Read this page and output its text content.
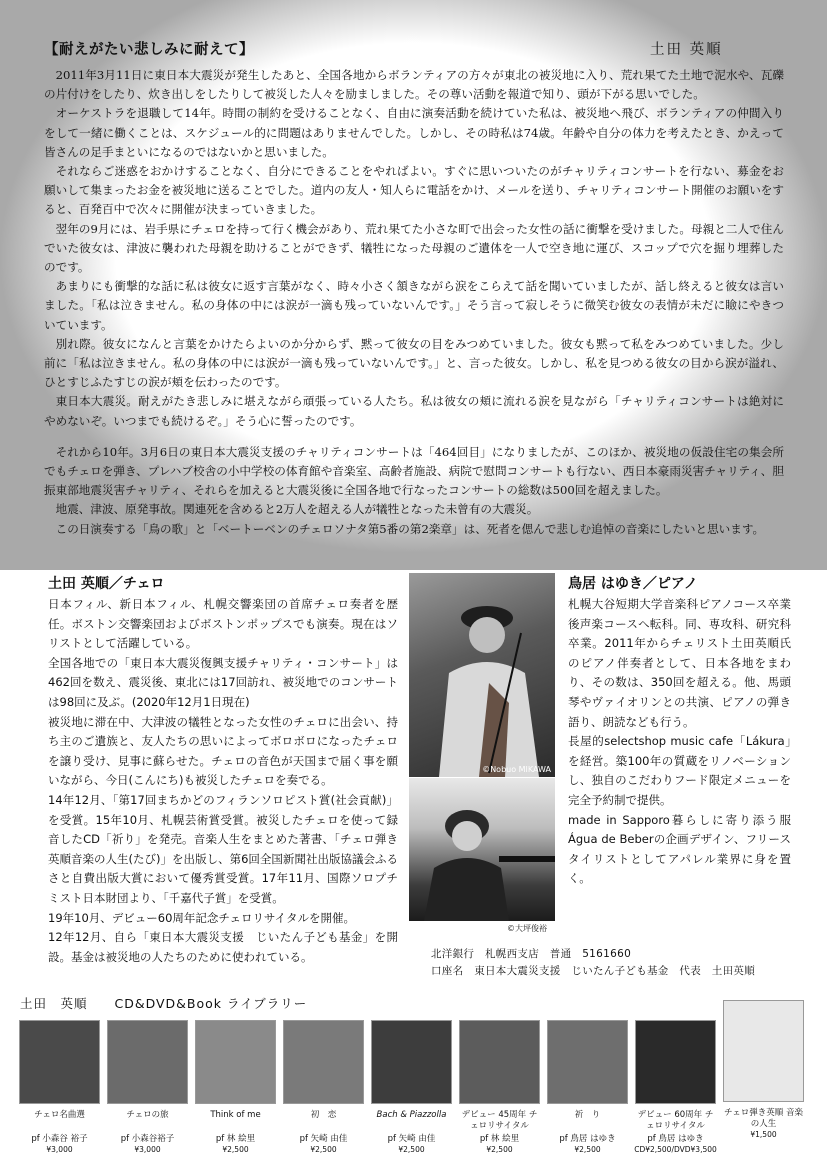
【耐えがたい悲しみに耐えて】	土田 英順

2011年3月11日に東日本大震災が発生したあと、全国各地からボランティアの方々が東北の被災地に入り、荒れ果てた土地で泥水や、瓦礫の片付けをしたり、炊き出しをしたりして被災した人々を励ましました。その尊い活動を報道で知り、頭が下がる思いでした。

オーケストラを退職して14年。時間の制約を受けることなく、自由に演奏活動を続けていた私は、被災地へ飛び、ボランティアの仲間入りをして一緒に働くことは、スケジュール的に問題はありませんでした。しかし、その時私は74歳。年齢や自分の体力を考えたとき、かえって皆さんの足手まといになるのではないかと思いました。

それならご迷惑をおかけすることなく、自分にできることをやればよい。すぐに思いついたのがチャリティコンサートを行ない、募金をお願いして集まったお金を被災地に送ることでした。道内の友人・知人らに電話をかけ、メールを送り、チャリティコンサート開催のお願いをすると、百発百中で次々に開催が決まっていきました。

翌年の9月には、岩手県にチェロを持って行く機会があり、荒れ果てた小さな町で出会った女性の話に衝撃を受けました。母親と二人で住んでいた彼女は、津波に襲われた母親を助けることができず、犠牲になった母親のご遺体を一人で空き地に運び、スコップで穴を掘り埋葬したのです。

あまりにも衝撃的な話に私は彼女に返す言葉がなく、時々小さく頷きながら涙をこらえて話を聞いていましたが、話し終えると彼女は言いました。「私は泣きません。私の身体の中には涙が一滴も残っていないんです。」そう言って寂しそうに微笑む彼女の表情が未だに瞼にやきついています。

別れ際。彼女になんと言葉をかけたらよいのか分からず、黙って彼女の目をみつめていました。彼女も黙って私をみつめていました。少し前に「私は泣きません。私の身体の中には涙が一滴も残っていないんです。」と、言った彼女。しかし、私を見つめる彼女の目から涙が溢れ、ひとすじふたすじの涙が頬を伝わったのです。

東日本大震災。耐えがたき悲しみに堪えながら頑張っている人たち。私は彼女の頬に流れる涙を見ながら「チャリティコンサートは絶対にやめないぞ。いつまでも続けるぞ。」そう心に誓ったのです。

それから10年。3月6日の東日本大震災支援のチャリティコンサートは「464回目」になりましたが、このほか、被災地の仮設住宅の集会所でもチェロを弾き、プレハブ校舎の小中学校の体育館や音楽室、高齢者施設、病院で慰問コンサートも行ない、西日本豪雨災害チャリティ、胆振東部地震災害チャリティ、それらを加えると大震災後に全国各地で行なったコンサートの総数は500回を超えました。

地震、津波、原発事故。関連死を含めると2万人を超える人が犠牲となった未曾有の大震災。

この日演奏する「鳥の歌」と「ベートーベンのチェロソナタ第5番の第2楽章」は、死者を偲んで悲しむ追悼の音楽にしたいと思います。

土田 英順／チェロ

日本フィル、新日本フィル、札幌交響楽団の首席チェロ奏者を歴任。ボストン交響楽団およびボストンポップスでも演奏。現在はソリストとして活躍している。

全国各地での「東日本大震災復興支援チャリティ・コンサート」は462回を数え、震災後、東北には17回訪れ、被災地でのコンサートは98回に及ぶ。(2020年12月1日現在)

被災地に滞在中、大津波の犠牲となった女性のチェロに出会い、持ち主のご遺族と、友人たちの思いによってボロボロになったチェロを譲り受け、見事に蘇らせた。チェロの音色が天国まで届く事を願いながら、今日(こんにち)も被災したチェロを奏でる。

14年12月、「第17回まちかどのフィランソロピスト賞(社会貢献)」を受賞。15年10月、札幌芸術賞受賞。被災したチェロを使って録音したCD「祈り」を発売。音楽人生をまとめた著書、「チェロ弾き英順音楽の人生(たび)」を出版し、第6回全国新聞社出版協議会ふるさと自費出版大賞において優秀賞受賞。17年11月、国際ソロプチミスト日本財団より、「千嘉代子賞」を受賞。

19年10月、デビュー60周年記念チェロリサイタルを開催。

12年12月、自ら「東日本大震災支援　じいたん子ども基金」を開設。基金は被災地の人たちのために使われている。

©Nobuo MIKAWA
©大坪俊裕
鳥居 はゆき／ピアノ

札幌大谷短期大学音楽科ピアノコース卒業後声楽コースへ転科。同、専攻科、研究科卒業。2011年からチェリスト土田英順氏のピアノ伴奏者として、日本各地をまわり、その数は、350回を超える。他、馬頭琴やヴァイオリンとの共演、ピアノの弾き語り、朗読なども行う。

長屋的selectshop music cafe「Lákura」を経営。築100年の質蔵をリノベーションし、独自のこだわりフード限定メニューを完全予約制で提供。

made in Sapporo暮らしに寄り添う服Água de Beberの企画デザイン、フリースタイリストとしてアパレル業界に身を置く。

北洋銀行　札幌西支店　普通　5161660
口座名　東日本大震災支援　じいたん子ども基金　代表　土田英順
土田　英順　　CD&DVD&Book ライブラリー
チェロ名曲選
pf 小森谷 裕子
¥3,000
チェロの旅
pf 小森谷裕子
¥3,000
Think of me
pf 林 絵里
¥2,500
初　恋
pf 矢崎 由佳
¥2,500
Bach & Piazzolla
pf 矢崎 由佳
¥2,500
デビュー 45周年 チェロリサイタル
pf 林 絵里
¥2,500
祈　り
pf 鳥居 はゆき
¥2,500
デビュー 60周年 チェロリサイタル
pf 鳥居 はゆき
CD¥2,500/DVD¥3,500
チェロ弾き英順 音楽の人生
¥1,500
